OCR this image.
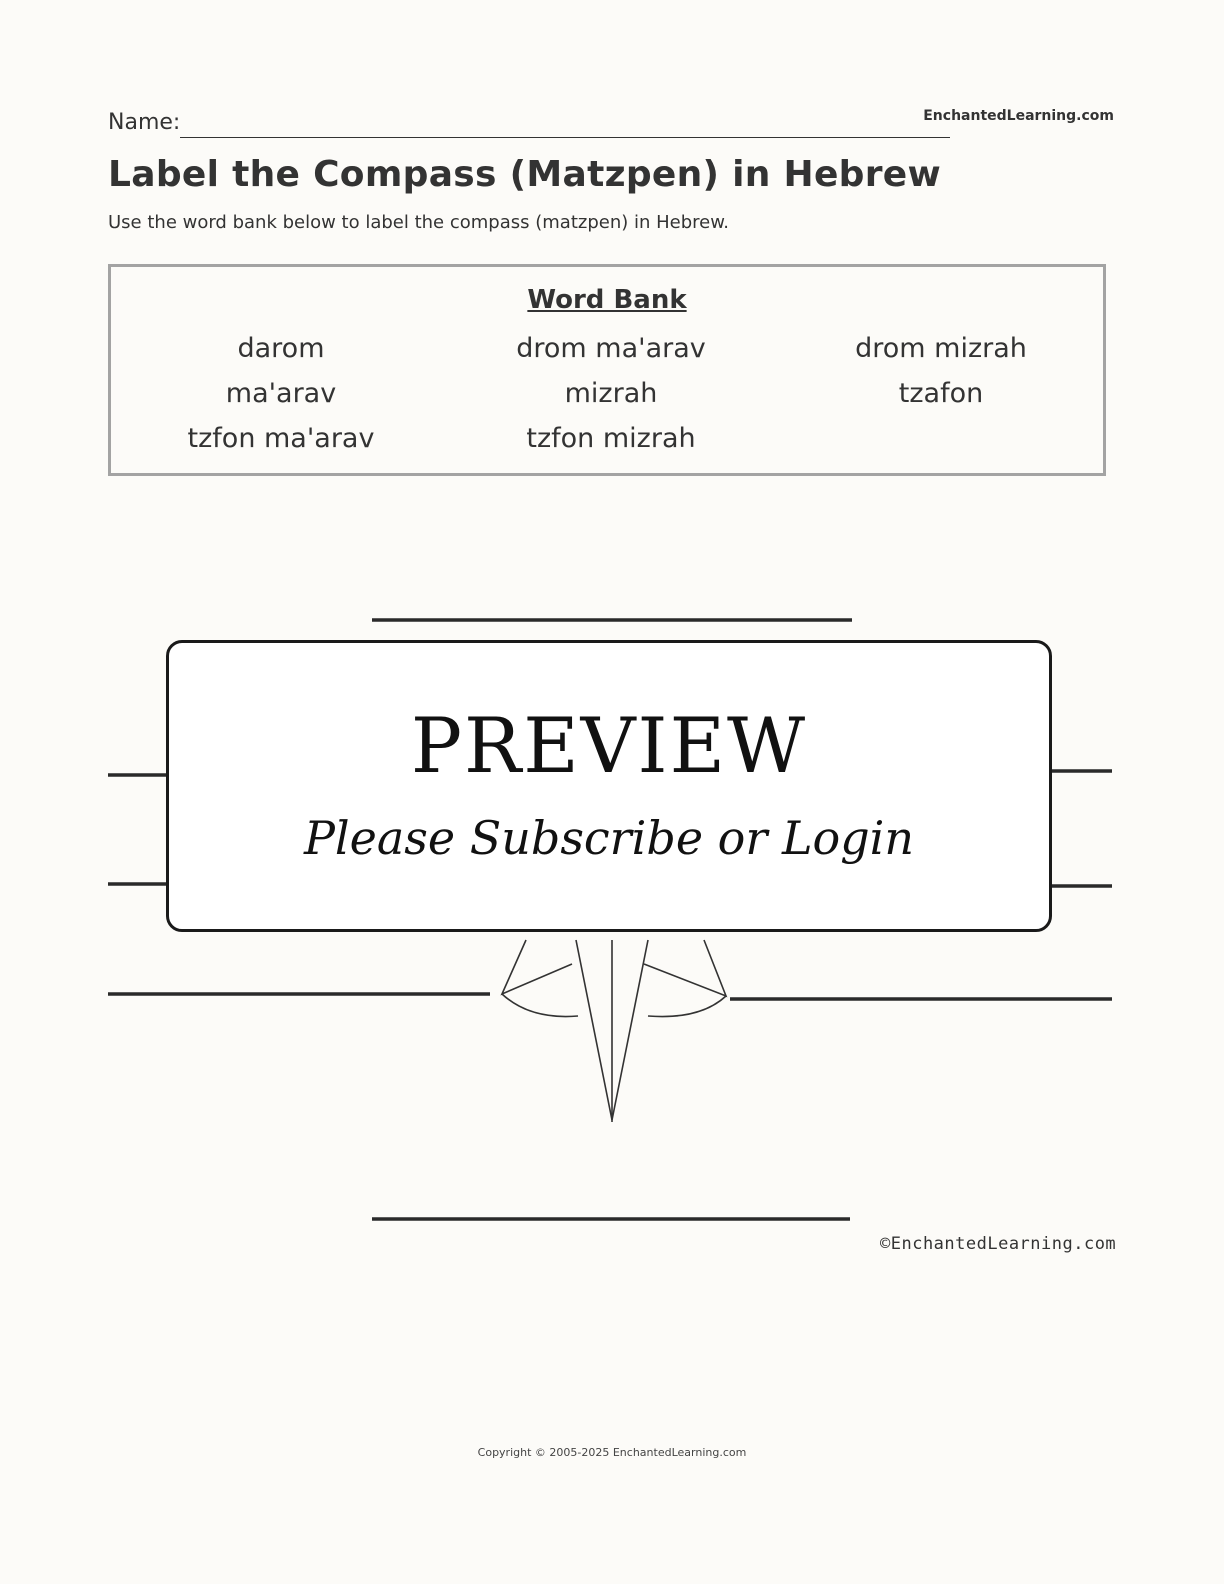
Name:	EnchantedLearning.com
Label the Compass (Matzpen) in Hebrew
Use the word bank below to label the compass (matzpen) in Hebrew.
Word Bank
darom	drom ma'arav	drom mizrah
ma'arav	mizrah	tzafon
tzfon ma'arav	tzfon mizrah
PREVIEW
Please Subscribe or Login
©EnchantedLearning.com
Copyright © 2005-2025 EnchantedLearning.com
